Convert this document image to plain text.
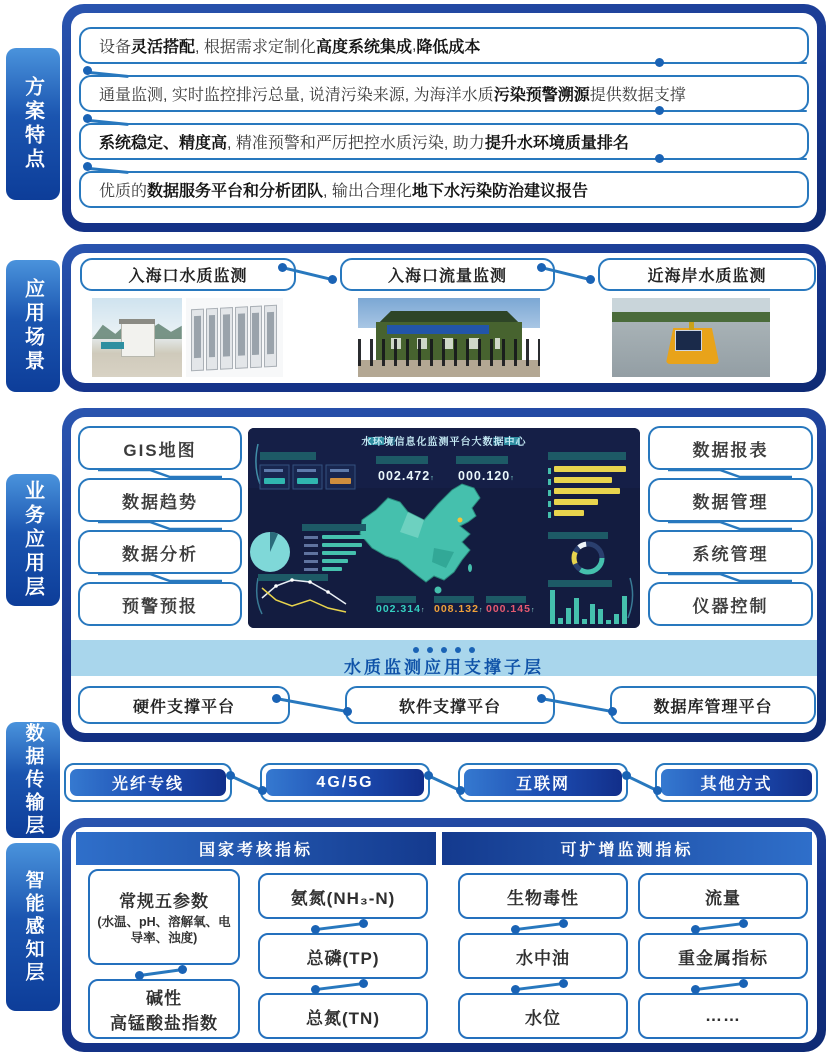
方案特点
应用场景
业务应用层
数据传输层
智能感知层
设备 灵活搭配 , 根据需求定制化 高度系统集成 , 降低成本
通量监测, 实时监控排污总量, 说清污染来源, 为海洋水质 污染预警溯源 提供数据支撑
系统稳定、精度高 , 精准预警和严厉把控水质污染, 助力 提升水环境质量排名
优质的 数据服务平台和分析团队 , 输出合理化 地下水污染防治建议报告
入海口水质监测	入海口流量监测	近海岸水质监测
水质监测应用支撑子层
GIS地图
数据趋势
数据分析
预警预报
数据报表
数据管理
系统管理
仪器控制
水环境信息化监测平台大数据中心
002.472↑ 000.120↑
002.314↑ 008.132↑ 000.145↑
硬件支撑平台	软件支撑平台	数据库管理平台
光纤专线	4G/5G	互联网	其他方式
国家考核指标	可扩增监测指标
常规五参数
(水温、pH、溶解氧、电导率、浊度)
碱性
高锰酸盐指数
氨氮(NH₃-N)
总磷(TP)
总氮(TN)
生物毒性
水中油
水位
流量
重金属指标
……
